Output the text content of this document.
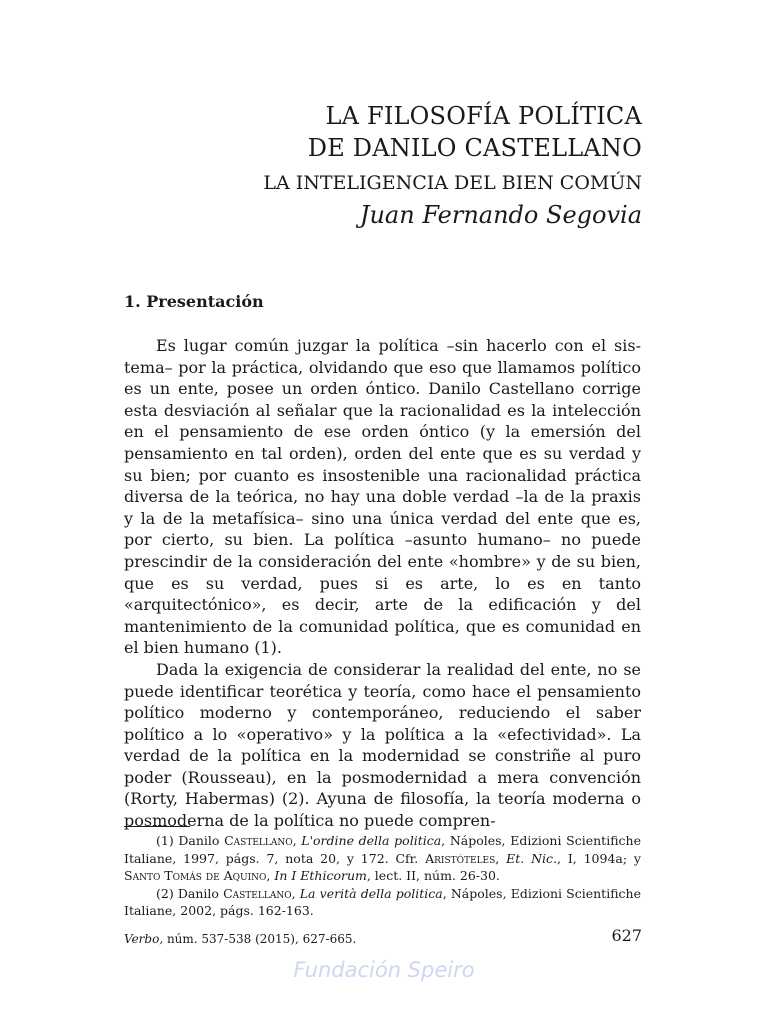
LA FILOSOFÍA POLÍTICA
DE DANILO CASTELLANO
LA INTELIGENCIA DEL BIEN COMÚN
Juan Fernando Segovia
1. Presentación

Es lugar común juzgar la política –sin hacerlo con el sistema– por la práctica, olvidando que eso que llamamos político es un ente, posee un orden óntico. Danilo Castellano corrige esta desviación al señalar que la racionalidad es la intelección en el pensamiento de ese orden óntico (y la emersión del pensamiento en tal orden), orden del ente que es su verdad y su bien; por cuanto es insostenible una racionalidad práctica diversa de la teórica, no hay una doble verdad –la de la praxis y la de la metafísica– sino una única verdad del ente que es, por cierto, su bien. La política –asunto humano– no puede prescindir de la consideración del ente «hombre» y de su bien, que es su verdad, pues si es arte, lo es en tanto «arquitectónico», es decir, arte de la edificación y del mantenimiento de la comunidad política, que es comunidad en el bien humano (1).

Dada la exigencia de considerar la realidad del ente, no se puede identificar teorética y teoría, como hace el pensamiento político moderno y contemporáneo, reduciendo el saber político a lo «operativo» y la política a la «efectividad». La verdad de la política en la modernidad se constriñe al puro poder (Rousseau), en la posmodernidad a mera convención (Rorty, Habermas) (2). Ayuna de filosofía, la teoría moderna o posmoderna de la política no puede compren-

(1) Danilo Castellano, L'ordine della politica, Nápoles, Edizioni Scientifiche Italiane, 1997, págs. 7, nota 20, y 172. Cfr. Aristóteles, Et. Nic., I, 1094a; y Santo Tomás de Aquino, In I Ethicorum, lect. II, núm. 26-30.

(2) Danilo Castellano, La verità della politica, Nápoles, Edizioni Scientifiche Italiane, 2002, págs. 162-163.

Verbo, núm. 537-538 (2015), 627-665.	627
Fundación Speiro
